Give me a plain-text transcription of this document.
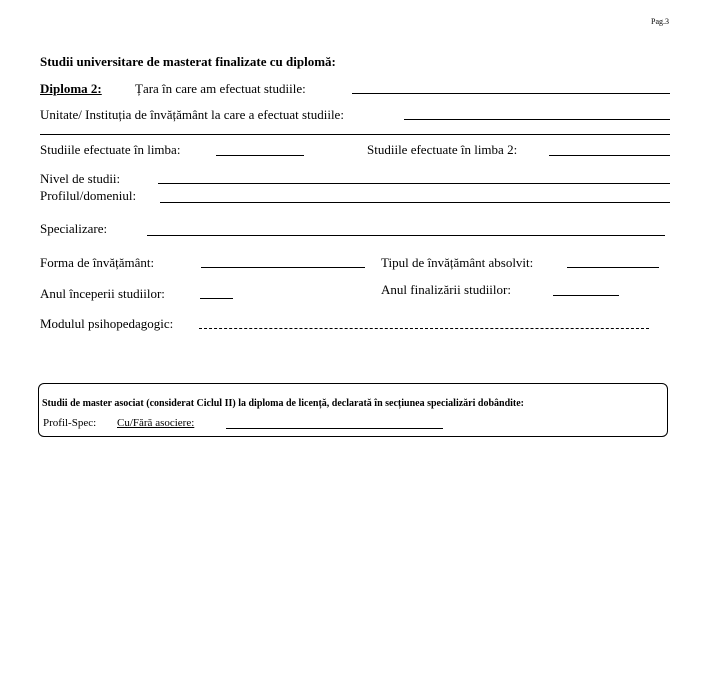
Pag.3
Studii universitare de masterat finalizate cu diplomă:
Diploma 2:	Țara în care am efectuat studiile:
Unitate/ Instituția de învățământ la care a efectuat studiile:
Studiile efectuate în limba:	Studiile efectuate în limba 2:
Nivel de studii:
Profilul/domeniul:
Specializare:
Forma de învățământ:	Tipul de învățământ absolvit:
Anul începerii studiilor:	Anul finalizării studiilor:
Modulul psihopedagogic:
Studii de master asociat (considerat Ciclul II) la diploma de licență, declarată în secțiunea specializări dobândite:
Profil-Spec: Cu/Fără asociere:
